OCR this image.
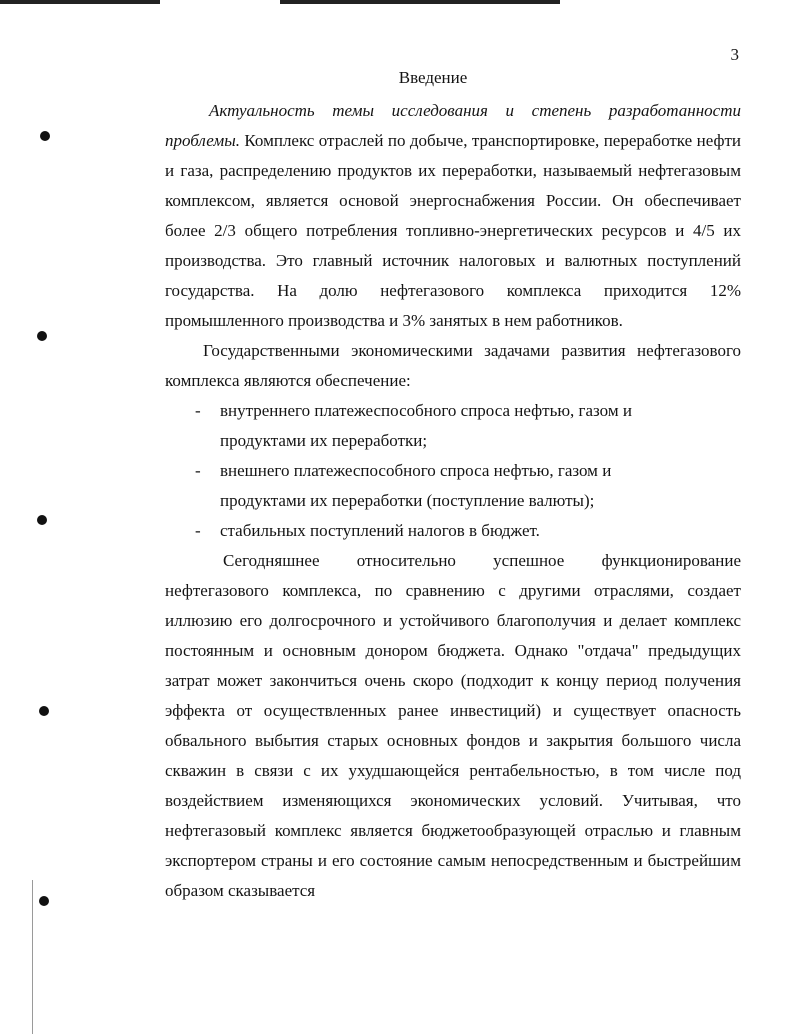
3
Введение

Актуальность темы исследования и степень разработанности проблемы. Комплекс отраслей по добыче, транспортировке, переработке нефти и газа, распределению продуктов их переработки, называемый нефтегазовым комплексом, является основой энергоснабжения России. Он обеспечивает более 2/3 общего потребления топливно-энергетических ресурсов и 4/5 их производства. Это главный источник налоговых и валютных поступлений государства. На долю нефтегазового комплекса приходится 12% промышленного производства и 3% занятых в нем работников.

Государственными экономическими задачами развития нефтегазового комплекса являются обеспечение:

- внутреннего платежеспособного спроса нефтью, газом и продуктами их переработки;
- внешнего платежеспособного спроса нефтью, газом и продуктами их переработки (поступление валюты);
- стабильных поступлений налогов в бюджет.

Сегодняшнее относительно успешное функционирование нефтегазового комплекса, по сравнению с другими отраслями, создает иллюзию его долгосрочного и устойчивого благополучия и делает комплекс постоянным и основным донором бюджета. Однако "отдача" предыдущих затрат может закончиться очень скоро (подходит к концу период получения эффекта от осуществленных ранее инвестиций) и существует опасность обвального выбытия старых основных фондов и закрытия большого числа скважин в связи с их ухудшающейся рентабельностью, в том числе под воздействием изменяющихся экономических условий. Учитывая, что нефтегазовый комплекс является бюджетообразующей отраслью и главным экспортером страны и его состояние самым непосредственным и быстрейшим образом сказывается
